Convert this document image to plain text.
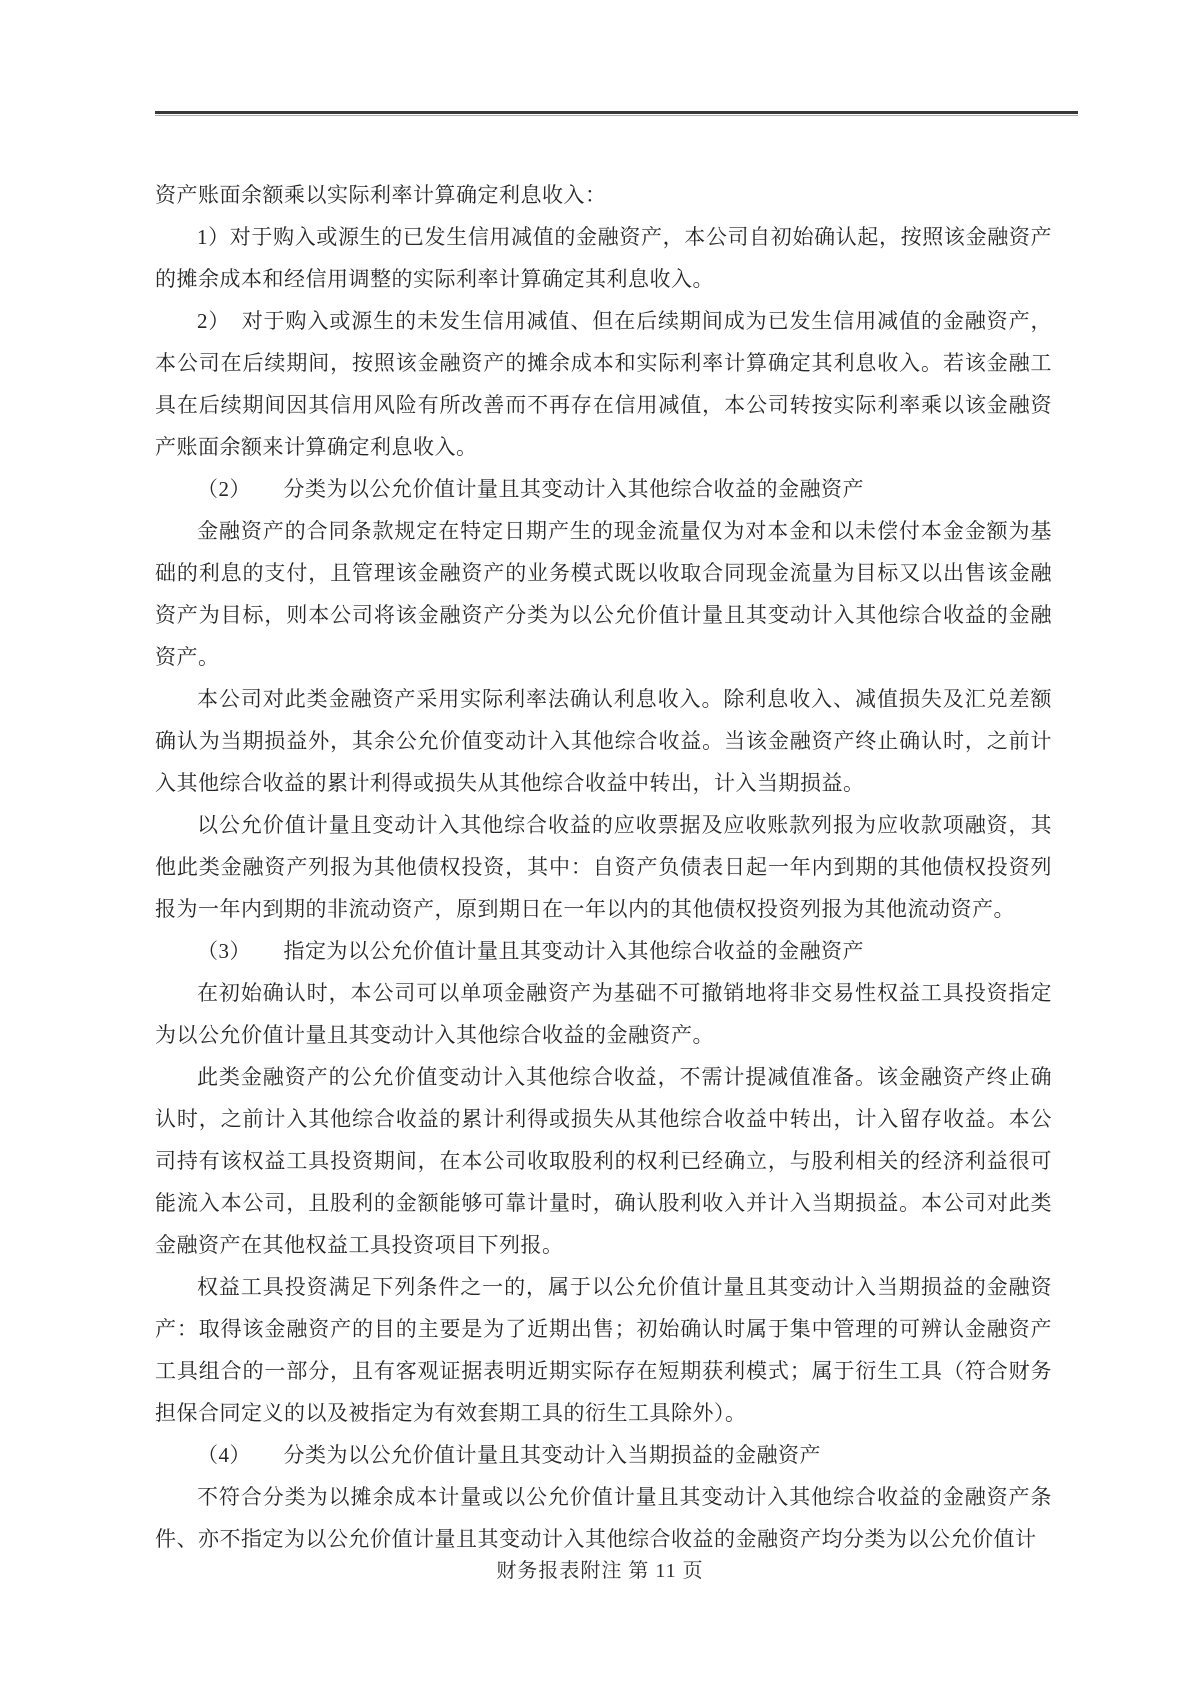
资产账面余额乘以实际利率计算确定利息收入：

1）对于购入或源生的已发生信用减值的金融资产，本公司自初始确认起，按照该金融资产的摊余成本和经信用调整的实际利率计算确定其利息收入。

2）　对于购入或源生的未发生信用减值、但在后续期间成为已发生信用减值的金融资产，本公司在后续期间，按照该金融资产的摊余成本和实际利率计算确定其利息收入。若该金融工具在后续期间因其信用风险有所改善而不再存在信用减值，本公司转按实际利率乘以该金融资产账面余额来计算确定利息收入。

（2）　　分类为以公允价值计量且其变动计入其他综合收益的金融资产

金融资产的合同条款规定在特定日期产生的现金流量仅为对本金和以未偿付本金金额为基础的利息的支付，且管理该金融资产的业务模式既以收取合同现金流量为目标又以出售该金融资产为目标，则本公司将该金融资产分类为以公允价值计量且其变动计入其他综合收益的金融资产。

本公司对此类金融资产采用实际利率法确认利息收入。除利息收入、减值损失及汇兑差额确认为当期损益外，其余公允价值变动计入其他综合收益。当该金融资产终止确认时，之前计入其他综合收益的累计利得或损失从其他综合收益中转出，计入当期损益。

以公允价值计量且变动计入其他综合收益的应收票据及应收账款列报为应收款项融资，其他此类金融资产列报为其他债权投资，其中：自资产负债表日起一年内到期的其他债权投资列报为一年内到期的非流动资产，原到期日在一年以内的其他债权投资列报为其他流动资产。

（3）　　指定为以公允价值计量且其变动计入其他综合收益的金融资产

在初始确认时，本公司可以单项金融资产为基础不可撤销地将非交易性权益工具投资指定为以公允价值计量且其变动计入其他综合收益的金融资产。

此类金融资产的公允价值变动计入其他综合收益，不需计提减值准备。该金融资产终止确认时，之前计入其他综合收益的累计利得或损失从其他综合收益中转出，计入留存收益。本公司持有该权益工具投资期间，在本公司收取股利的权利已经确立，与股利相关的经济利益很可能流入本公司，且股利的金额能够可靠计量时，确认股利收入并计入当期损益。本公司对此类金融资产在其他权益工具投资项目下列报。

权益工具投资满足下列条件之一的，属于以公允价值计量且其变动计入当期损益的金融资产：取得该金融资产的目的主要是为了近期出售；初始确认时属于集中管理的可辨认金融资产工具组合的一部分，且有客观证据表明近期实际存在短期获利模式；属于衍生工具（符合财务担保合同定义的以及被指定为有效套期工具的衍生工具除外）。

（4）　　分类为以公允价值计量且其变动计入当期损益的金融资产

不符合分类为以摊余成本计量或以公允价值计量且其变动计入其他综合收益的金融资产条件、亦不指定为以公允价值计量且其变动计入其他综合收益的金融资产均分类为以公允价值计

财务报表附注 第 11 页
